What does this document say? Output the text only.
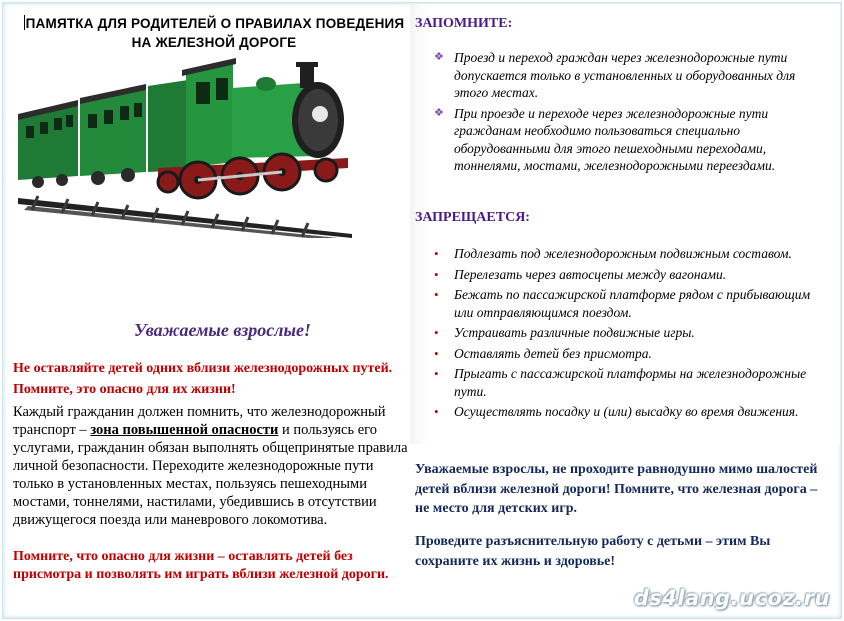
ПАМЯТКА ДЛЯ РОДИТЕЛЕЙ О ПРАВИЛАХ ПОВЕДЕНИЯ
НА ЖЕЛЕЗНОЙ ДОРОГЕ
Уважаемые взрослые!
Не оставляйте детей одних вблизи железнодорожных путей. Помните, это опасно для их жизни!
Каждый гражданин должен помнить, что железнодорожный транспорт – зона повышенной опасности и пользуясь его услугами, гражданин обязан выполнять общепринятые правила личной безопасности. Переходите железнодорожные пути только в установленных местах, пользуясь пешеходными мостами, тоннелями, настилами, убедившись в отсутствии движущегося поезда или маневрового локомотива.
Помните, что опасно для жизни – оставлять детей без присмотра и позволять им играть вблизи железной дороги.
ЗАПОМНИТЕ:
❖ Проезд и переход граждан через железнодорожные пути допускается только в установленных и оборудованных для этого местах.
❖ При проезде и переходе через железнодорожные пути гражданам необходимо пользоваться специально оборудованными для этого пешеходными переходами, тоннелями, мостами, железнодорожными переездами.
ЗАПРЕЩАЕТСЯ:
• Подлезать под железнодорожным подвижным составом.
• Перелезать через автосцепы между вагонами.
• Бежать по пассажирской платформе рядом с прибывающим или отправляющимся поездом.
• Устраивать различные подвижные игры.
• Оставлять детей без присмотра.
• Прыгать с пассажирской платформы на железнодорожные пути.
• Осуществлять посадку и (или) высадку во время движения.
Уважаемые взрослы, не проходите равнодушно мимо шалостей детей вблизи железной дороги! Помните, что железная дорога – не место для детских игр.
Проведите разъяснительную работу с детьми – этим Вы сохраните их жизнь и здоровье!
ds4lang.ucoz.ru
